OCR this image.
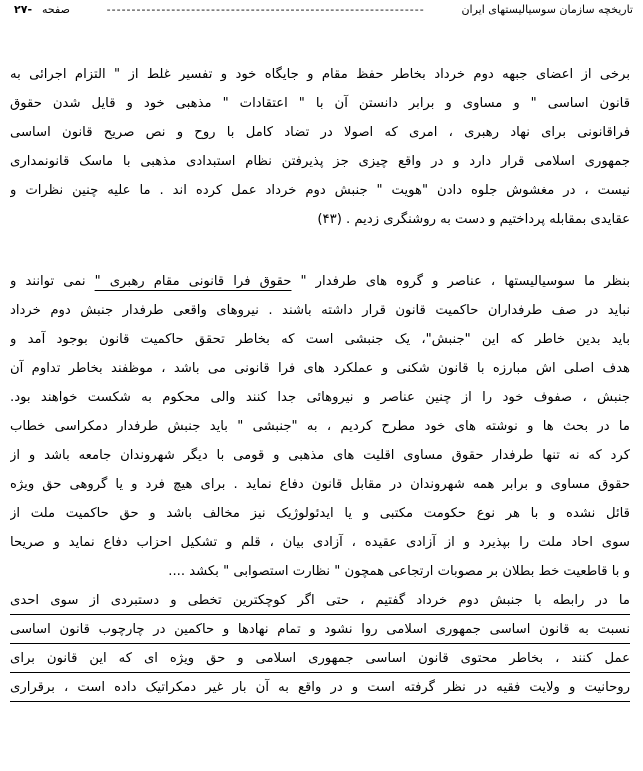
تاریخچه سازمان سوسیالیستهای ایران
----------------------------------------------------------------
صفحه
-۲۷
برخی از اعضای جبهه دوم خرداد بخاطر حفظ مقام و جایگاه خود و تفسیر غلط از " التزام اجرائی به
قانون اساسی " و مساوی و برابر دانستن آن با " اعتقادات " مذهبی خود و قایل شدن حقوق
فراقانونی برای نهاد رهبری ، امری که اصولا در تضاد کامل با روح و نص صریح قانون اساسی
جمهوری اسلامی قرار دارد و در واقع چیزی جز پذیرفتن نظام استبدادی مذهبی با ماسک قانونمداری
نیست ، در مغشوش جلوه دادن "هویت " جنبش دوم خرداد عمل کرده اند . ما علیه چنین نظرات و
عقایدی بمقابله پرداختیم و دست به روشنگری زدیم . (۴۳)
بنظر ما سوسیالیستها ، عناصر و گروه های طرفدار " حقوق فرا قانونی مقام رهبری " نمی توانند و
نباید در صف طرفداران حاکمیت قانون قرار داشته باشند . نیروهای واقعی طرفدار جنبش دوم خرداد
باید بدین خاطر که این "جنبش"، یک جنبشی است که بخاطر تحقق حاکمیت قانون بوجود آمد و
هدف اصلی اش مبارزه با قانون شکنی و عملکرد های فرا قانونی می باشد ، موظفند بخاطر تداوم آن
جنبش ، صفوف خود را از چنین عناصر و نیروهائی جدا کنند والی محکوم به شکست خواهند بود.
ما در بحث ها و نوشته های خود مطرح کردیم ، به "جنبشی " باید جنبش طرفدار دمکراسی خطاب
کرد که نه تنها طرفدار حقوق مساوی اقلیت های مذهبی و قومی با دیگر شهروندان جامعه باشد و از
حقوق مساوی و برابر همه شهروندان در مقابل قانون دفاع نماید . برای هیچ فرد و یا گروهی حق ویژه
قائل نشده و با هر نوع حکومت مکتبی و یا ایدئولوژیک نیز مخالف باشد و حق حاکمیت ملت از
سوی احاد ملت را بپذیرد و از آزادی عقیده ، آزادی بیان ، قلم و تشکیل احزاب دفاع نماید و صریحا
و با قاطعیت خط بطلان بر مصوبات ارتجاعی همچون " نظارت استصوابی " بکشد ....
ما در رابطه با جنبش دوم خرداد گفتیم ، حتی اگر کوچکترین تخطی و دستبردی از سوی احدی
نسبت به قانون اساسی جمهوری اسلامی روا نشود و تمام نهادها و حاکمین در چارچوب قانون اساسی
عمل کنند ، بخاطر محتوی قانون اساسی جمهوری اسلامی و حق ویژه ای که این قانون برای
روحانیت و ولایت فقیه در نظر گرفته است و در واقع به آن بار غیر دمکراتیک داده است ، برقراری
